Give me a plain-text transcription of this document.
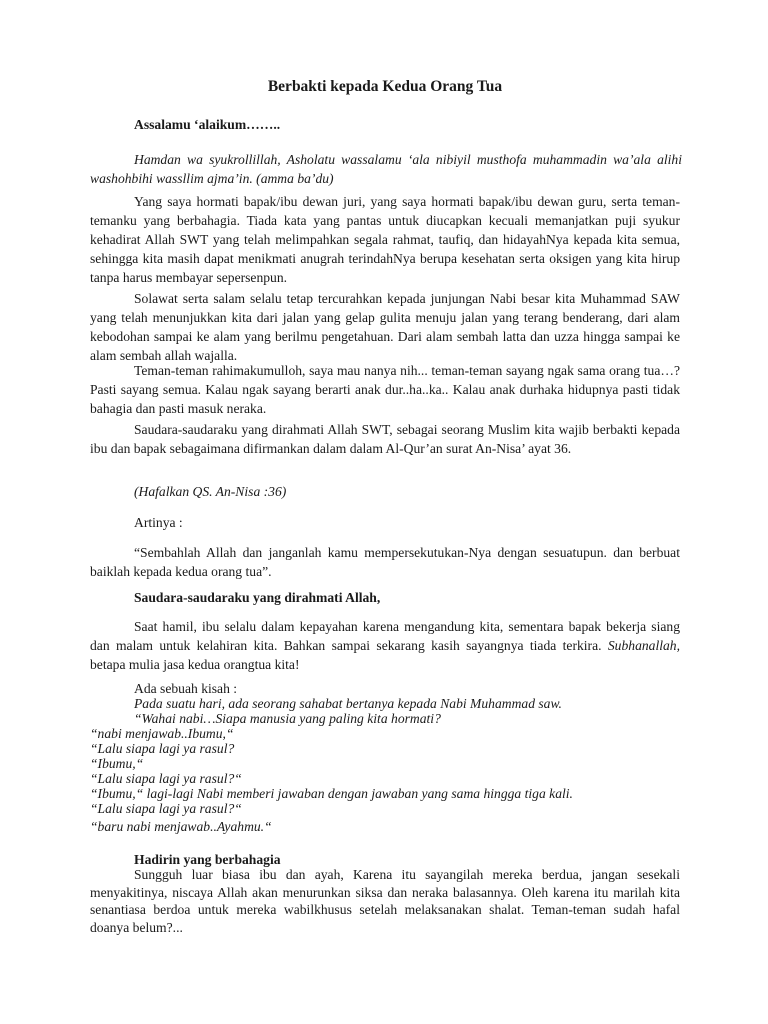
Berbakti kepada Kedua Orang Tua

Assalamu ‘alaikum……..

Hamdan wa syukrollillah, Asholatu wassalamu ‘ala nibiyil musthofa muhammadin wa’ala alihi washohbihi wassllim ajma’in. (amma ba’du)

Yang saya hormati bapak/ibu dewan juri, yang saya hormati bapak/ibu dewan guru, serta teman-temanku yang berbahagia. Tiada kata yang pantas untuk diucapkan kecuali memanjatkan puji syukur kehadirat Allah SWT yang telah melimpahkan segala rahmat, taufiq, dan hidayahNya kepada kita semua, sehingga kita masih dapat menikmati anugrah terindahNya berupa kesehatan serta oksigen yang kita hirup tanpa harus membayar sepersenpun.

Solawat serta salam selalu tetap tercurahkan kepada junjungan Nabi besar kita Muhammad SAW yang telah menunjukkan kita dari jalan yang gelap gulita menuju jalan yang terang benderang, dari alam kebodohan sampai ke alam yang berilmu pengetahuan. Dari alam sembah latta dan uzza hingga sampai ke alam sembah allah wajalla.

Teman-teman rahimakumulloh, saya mau nanya nih... teman-teman sayang ngak sama orang tua…? Pasti sayang semua. Kalau ngak sayang berarti anak dur..ha..ka.. Kalau anak durhaka hidupnya pasti tidak bahagia dan pasti masuk neraka.

Saudara-saudaraku yang dirahmati Allah SWT, sebagai seorang Muslim kita wajib berbakti kepada ibu dan bapak sebagaimana difirmankan dalam dalam Al-Qur’an surat An-Nisa’ ayat 36.

(Hafalkan QS. An-Nisa :36)

Artinya :

“Sembahlah Allah dan janganlah kamu mempersekutukan-Nya dengan sesuatupun. dan berbuat baiklah kepada kedua orang tua”.

Saudara-saudaraku yang dirahmati Allah,

Saat hamil, ibu selalu dalam kepayahan karena mengandung kita, sementara bapak bekerja siang dan malam untuk kelahiran kita. Bahkan sampai sekarang kasih sayangnya tiada terkira. Subhanallah, betapa mulia jasa kedua orangtua kita!

Ada sebuah kisah :

Pada suatu hari, ada seorang sahabat bertanya kepada Nabi Muhammad saw.

“Wahai nabi…Siapa manusia yang paling kita hormati?

“nabi menjawab..Ibumu,“

“Lalu siapa lagi ya rasul?

“Ibumu,“

“Lalu siapa lagi ya rasul?“

“Ibumu,“ lagi-lagi Nabi memberi jawaban dengan jawaban yang sama hingga tiga kali.

“Lalu siapa lagi ya rasul?“

“baru nabi menjawab..Ayahmu.“

Hadirin yang berbahagia

Sungguh luar biasa ibu dan ayah, Karena itu sayangilah mereka berdua, jangan sesekali menyakitinya, niscaya Allah akan menurunkan siksa dan neraka balasannya. Oleh karena itu marilah kita senantiasa berdoa untuk mereka wabilkhusus setelah melaksanakan shalat. Teman-teman sudah hafal doanya belum?...
